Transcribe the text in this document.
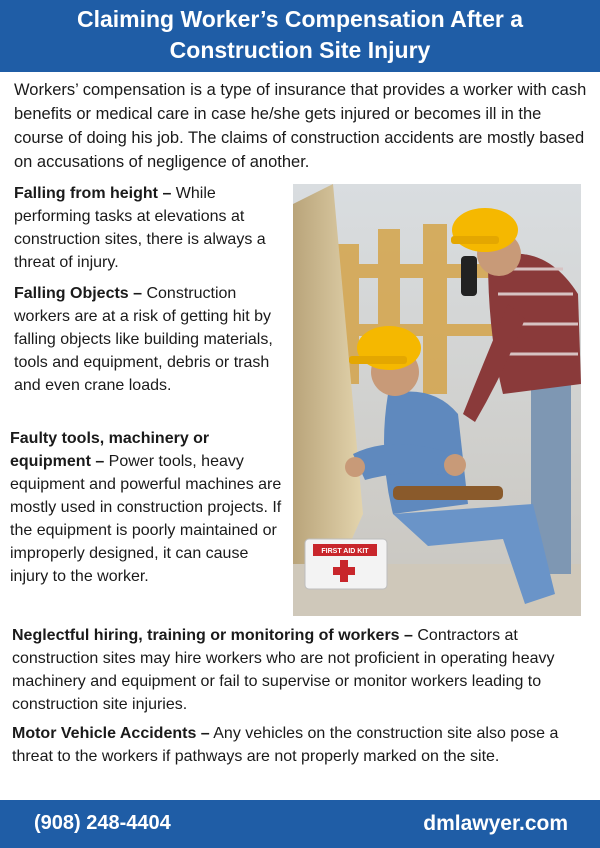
Claiming Worker’s Compensation After a
Construction Site Injury

Workers’ compensation is a type of insurance that provides a worker with cash benefits or medical care in case he/she gets injured or becomes ill in the course of doing his job. The claims of construction accidents are mostly based on accusations of negligence of another.

Falling from height – While performing tasks at elevations at construction sites, there is always a threat of injury.

Falling Objects – Construction workers are at a risk of getting hit by falling objects like building materials, tools and equipment, debris or trash and even crane loads.

Faulty tools, machinery or equipment – Power tools, heavy equipment and powerful machines are mostly used in construction projects. If the equipment is poorly maintained or improperly designed, it can cause injury to the worker.

Neglectful hiring, training or monitoring of workers – Contractors at construction sites may hire workers who are not proficient in operating heavy machinery and equipment or fail to supervise or monitor workers leading to construction site injuries.

Motor Vehicle Accidents – Any vehicles on the construction site also pose a threat to the workers if pathways are not properly marked on the site.

FIRST AID KIT
(908) 248-4404	dmlawyer.com
